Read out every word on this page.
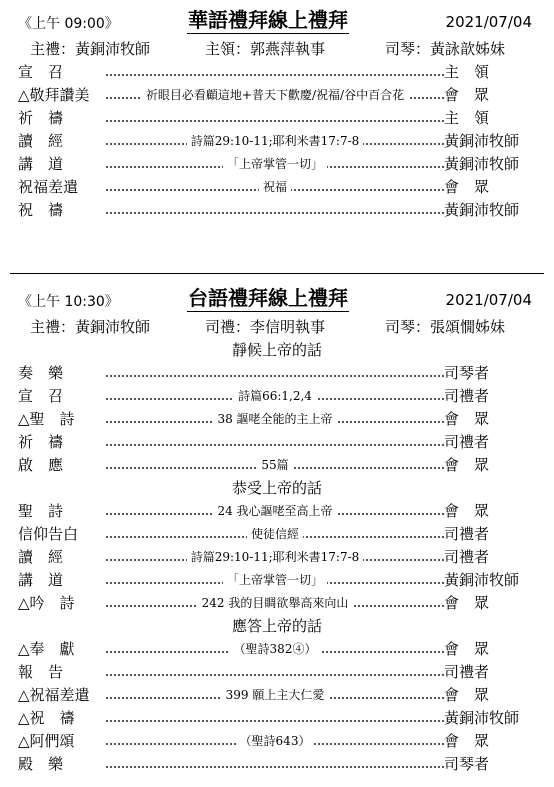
《上午 09:00》	華語禮拜線上禮拜	2021/07/04
主禮：黃銅沛牧師	主領：郭燕萍執事	司琴：黃詠歆姊妹
宣　召	主　領
△敬拜讚美	祈眼目必看顧這地+普天下歡慶/祝福/谷中百合花	會　眾
祈　禱	主　領
讀　經	詩篇29:10-11;耶利米書17:7-8	黃銅沛牧師
講　道	「上帝掌管一切」	黃銅沛牧師
祝福差遣	祝福	會　眾
祝　禱	黃銅沛牧師
《上午 10:30》	台語禮拜線上禮拜	2021/07/04
主禮：黃銅沛牧師	司禮：李信明執事	司琴：張頌憪姊妹
靜候上帝的話
奏　樂	司琴者
宣　召	詩篇66:1,2,4	司禮者
△聖　詩	38 謳咾全能的主上帝	會　眾
祈　禱	司禮者
啟　應	55篇	會　眾
恭受上帝的話
聖　詩	24 我心謳咾至高上帝	會　眾
信仰告白	使徒信經	司禮者
讀　經	詩篇29:10-11;耶利米書17:7-8	司禮者
講　道	「上帝掌管一切」	黃銅沛牧師
△吟　詩	242 我的目睭欲舉高來向山	會　眾
應答上帝的話
△奉　獻	（聖詩382④）	會　眾
報　告	司禮者
△祝福差遣	399 願上主大仁愛	會　眾
△祝　禱	黃銅沛牧師
△阿們頌	（聖詩643）	會　眾
殿　樂	司琴者
